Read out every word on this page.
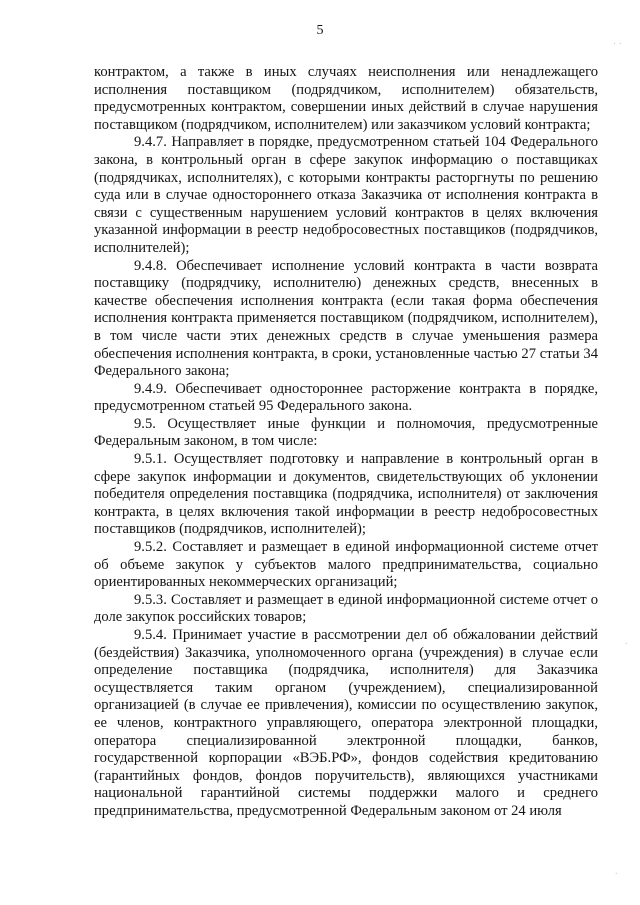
5

контрактом, а также в иных случаях неисполнения или ненадлежащего исполнения поставщиком (подрядчиком, исполнителем) обязательств, предусмотренных контрактом, совершении иных действий в случае нарушения поставщиком (подрядчиком, исполнителем) или заказчиком условий контракта;

9.4.7. Направляет в порядке, предусмотренном статьей 104 Федерального закона, в контрольный орган в сфере закупок информацию о поставщиках (подрядчиках, исполнителях), с которыми контракты расторгнуты по решению суда или в случае одностороннего отказа Заказчика от исполнения контракта в связи с существенным нарушением условий контрактов в целях включения указанной информации в реестр недобросовестных поставщиков (подрядчиков, исполнителей);

9.4.8. Обеспечивает исполнение условий контракта в части возврата поставщику (подрядчику, исполнителю) денежных средств, внесенных в качестве обеспечения исполнения контракта (если такая форма обеспечения исполнения контракта применяется поставщиком (подрядчиком, исполнителем), в том числе части этих денежных средств в случае уменьшения размера обеспечения исполнения контракта, в сроки, установленные частью 27 статьи 34 Федерального закона;

9.4.9. Обеспечивает одностороннее расторжение контракта в порядке, предусмотренном статьей 95 Федерального закона.

9.5. Осуществляет иные функции и полномочия, предусмотренные Федеральным законом, в том числе:

9.5.1. Осуществляет подготовку и направление в контрольный орган в сфере закупок информации и документов, свидетельствующих об уклонении победителя определения поставщика (подрядчика, исполнителя) от заключения контракта, в целях включения такой информации в реестр недобросовестных поставщиков (подрядчиков, исполнителей);

9.5.2. Составляет и размещает в единой информационной системе отчет об объеме закупок у субъектов малого предпринимательства, социально ориентированных некоммерческих организаций;

9.5.3. Составляет и размещает в единой информационной системе отчет о доле закупок российских товаров;

9.5.4. Принимает участие в рассмотрении дел об обжаловании действий (бездействия) Заказчика, уполномоченного органа (учреждения) в случае если определение поставщика (подрядчика, исполнителя) для Заказчика осуществляется таким органом (учреждением), специализированной организацией (в случае ее привлечения), комиссии по осуществлению закупок, ее членов, контрактного управляющего, оператора электронной площадки, оператора специализированной электронной площадки, банков, государственной корпорации «ВЭБ.РФ», фондов содействия кредитованию (гарантийных фондов, фондов поручительств), являющихся участниками национальной гарантийной системы поддержки малого и среднего предпринимательства, предусмотренной Федеральным законом от 24 июля

· ·
·
·
